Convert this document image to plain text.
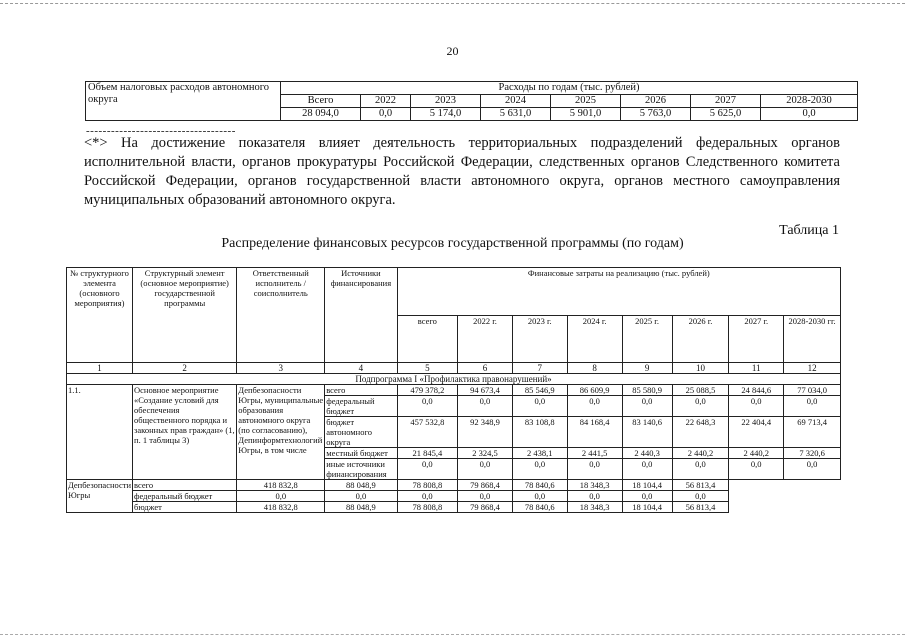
20
Объем налоговых расходов автономного округа	Расходы по годам (тыс. рублей)							
	Всего	2022	2023	2024	2025	2026	2027	2028-2030
	28 094,0	0,0	5 174,0	5 631,0	5 901,0	5 763,0	5 625,0	0,0
------------------------------------
<*> На достижение показателя влияет деятельность территориальных подразделений федеральных органов исполнительной власти, органов прокуратуры Российской Федерации, следственных органов Следственного комитета Российской Федерации, органов государственной власти автономного округа, органов местного самоуправления муниципальных образований автономного округа.
Таблица 1
Распределение финансовых ресурсов государственной программы (по годам)
№ структурного элемента (основного мероприятия)	Структурный элемент (основное мероприятие) государственной программы	Ответственный исполнитель / соисполнитель	Источники финансирования	Финансовые затраты на реализацию (тыс. рублей)							
				всего	2022 г.	2023 г.	2024 г.	2025 г.	2026 г.	2027 г.	2028-2030 гг.
1	2	3	4	5	6	7	8	9	10	11	12
Подпрограмма I «Профилактика правонарушений»											
1.1.	Основное мероприятие «Создание условий для обеспечения общественного порядка и законных прав граждан» (1, п. 1 таблицы 3)	Депбезопасности Югры, муниципальные образования автономного округа (по согласованию), Депинформтехнологий Югры, в том числе	всего	479 378,2	94 673,4	85 546,9	86 609,9	85 580,9	25 088,5	24 844,6	77 034,0
			федеральный бюджет	0,0	0,0	0,0	0,0	0,0	0,0	0,0	0,0
			бюджет автономного округа	457 532,8	92 348,9	83 108,8	84 168,4	83 140,6	22 648,3	22 404,4	69 713,4
			местный бюджет	21 845,4	2 324,5	2 438,1	2 441,5	2 440,3	2 440,2	2 440,2	7 320,6
			иные источники финансирования	0,0	0,0	0,0	0,0	0,0	0,0	0,0	0,0
Депбезопасности Югры	всего	418 832,8	88 048,9	78 808,8	79 868,4	78 840,6	18 348,3	18 104,4	56 813,4		
	федеральный бюджет	0,0	0,0	0,0	0,0	0,0	0,0	0,0	0,0		
	бюджет	418 832,8	88 048,9	78 808,8	79 868,4	78 840,6	18 348,3	18 104,4	56 813,4		
